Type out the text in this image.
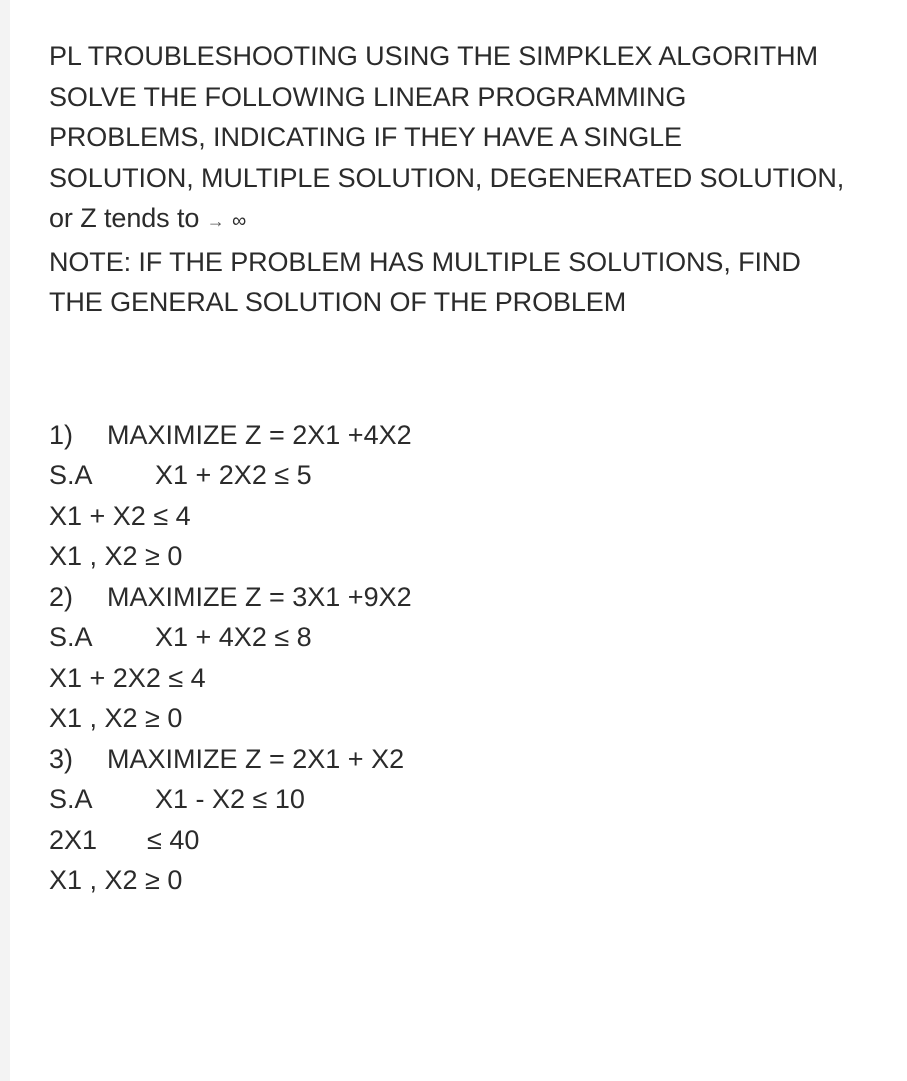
PL TROUBLESHOOTING USING THE SIMPKLEX ALGORITHM
SOLVE THE FOLLOWING LINEAR PROGRAMMING
PROBLEMS, INDICATING IF THEY HAVE A SINGLE
SOLUTION, MULTIPLE SOLUTION, DEGENERATED SOLUTION,
or Z tends to → ∞
NOTE: IF THE PROBLEM HAS MULTIPLE SOLUTIONS, FIND
THE GENERAL SOLUTION OF THE PROBLEM
1) MAXIMIZE Z = 2X1 +4X2
S.A X1 + 2X2 ≤ 5
X1 + X2 ≤ 4
X1 , X2 ≥ 0
2) MAXIMIZE Z = 3X1 +9X2
S.A X1 + 4X2 ≤ 8
X1 + 2X2 ≤ 4
X1 , X2 ≥ 0
3) MAXIMIZE Z = 2X1 + X2
S.A X1 - X2 ≤ 10
2X1 ≤ 40
X1 , X2 ≥ 0
